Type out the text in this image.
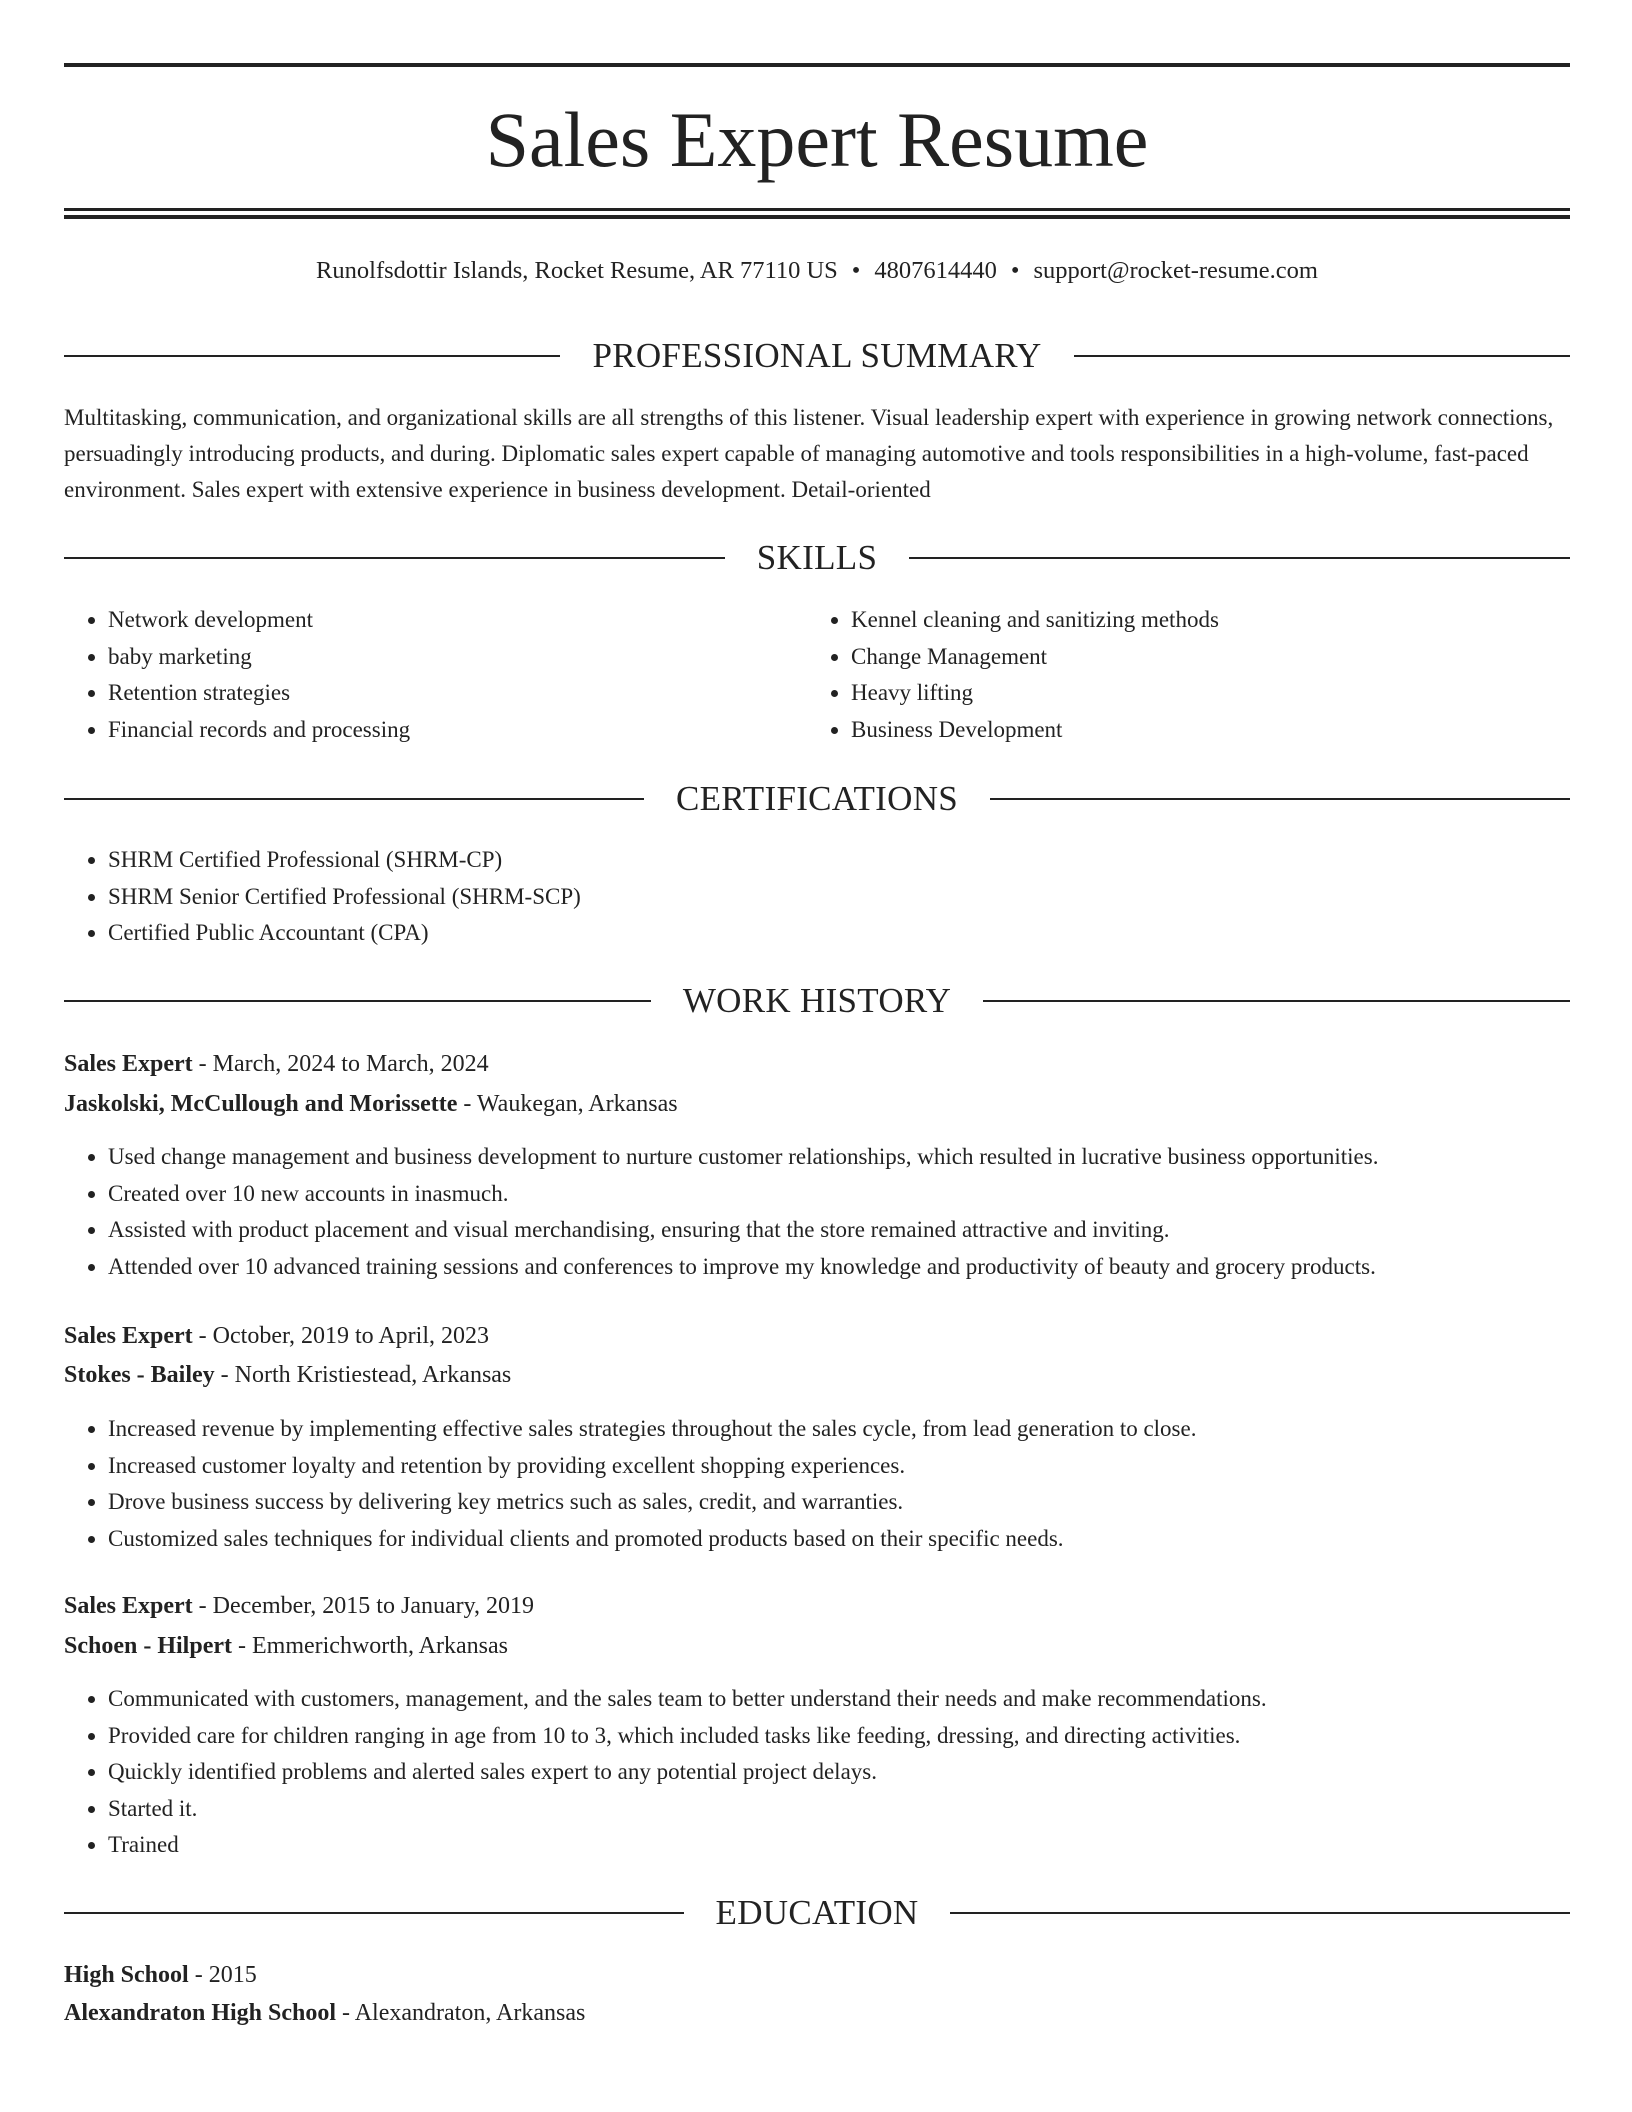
Sales Expert Resume
Runolfsdottir Islands, Rocket Resume, AR 77110 US • 4807614440 • support@rocket-resume.com
PROFESSIONAL SUMMARY
Multitasking, communication, and organizational skills are all strengths of this listener. Visual leadership expert with experience in growing network connections, persuadingly introducing products, and during. Diplomatic sales expert capable of managing automotive and tools responsibilities in a high-volume, fast-paced environment. Sales expert with extensive experience in business development. Detail-oriented
SKILLS
• Network development
• baby marketing
• Retention strategies
• Financial records and processing
• Kennel cleaning and sanitizing methods
• Change Management
• Heavy lifting
• Business Development
CERTIFICATIONS
• SHRM Certified Professional (SHRM-CP)
• SHRM Senior Certified Professional (SHRM-SCP)
• Certified Public Accountant (CPA)
WORK HISTORY
Sales Expert - March, 2024 to March, 2024
Jaskolski, McCullough and Morissette - Waukegan, Arkansas
• Used change management and business development to nurture customer relationships, which resulted in lucrative business opportunities.
• Created over 10 new accounts in inasmuch.
• Assisted with product placement and visual merchandising, ensuring that the store remained attractive and inviting.
• Attended over 10 advanced training sessions and conferences to improve my knowledge and productivity of beauty and grocery products.
Sales Expert - October, 2019 to April, 2023
Stokes - Bailey - North Kristiestead, Arkansas
• Increased revenue by implementing effective sales strategies throughout the sales cycle, from lead generation to close.
• Increased customer loyalty and retention by providing excellent shopping experiences.
• Drove business success by delivering key metrics such as sales, credit, and warranties.
• Customized sales techniques for individual clients and promoted products based on their specific needs.
Sales Expert - December, 2015 to January, 2019
Schoen - Hilpert - Emmerichworth, Arkansas
• Communicated with customers, management, and the sales team to better understand their needs and make recommendations.
• Provided care for children ranging in age from 10 to 3, which included tasks like feeding, dressing, and directing activities.
• Quickly identified problems and alerted sales expert to any potential project delays.
• Started it.
• Trained
EDUCATION
High School - 2015
Alexandraton High School - Alexandraton, Arkansas
